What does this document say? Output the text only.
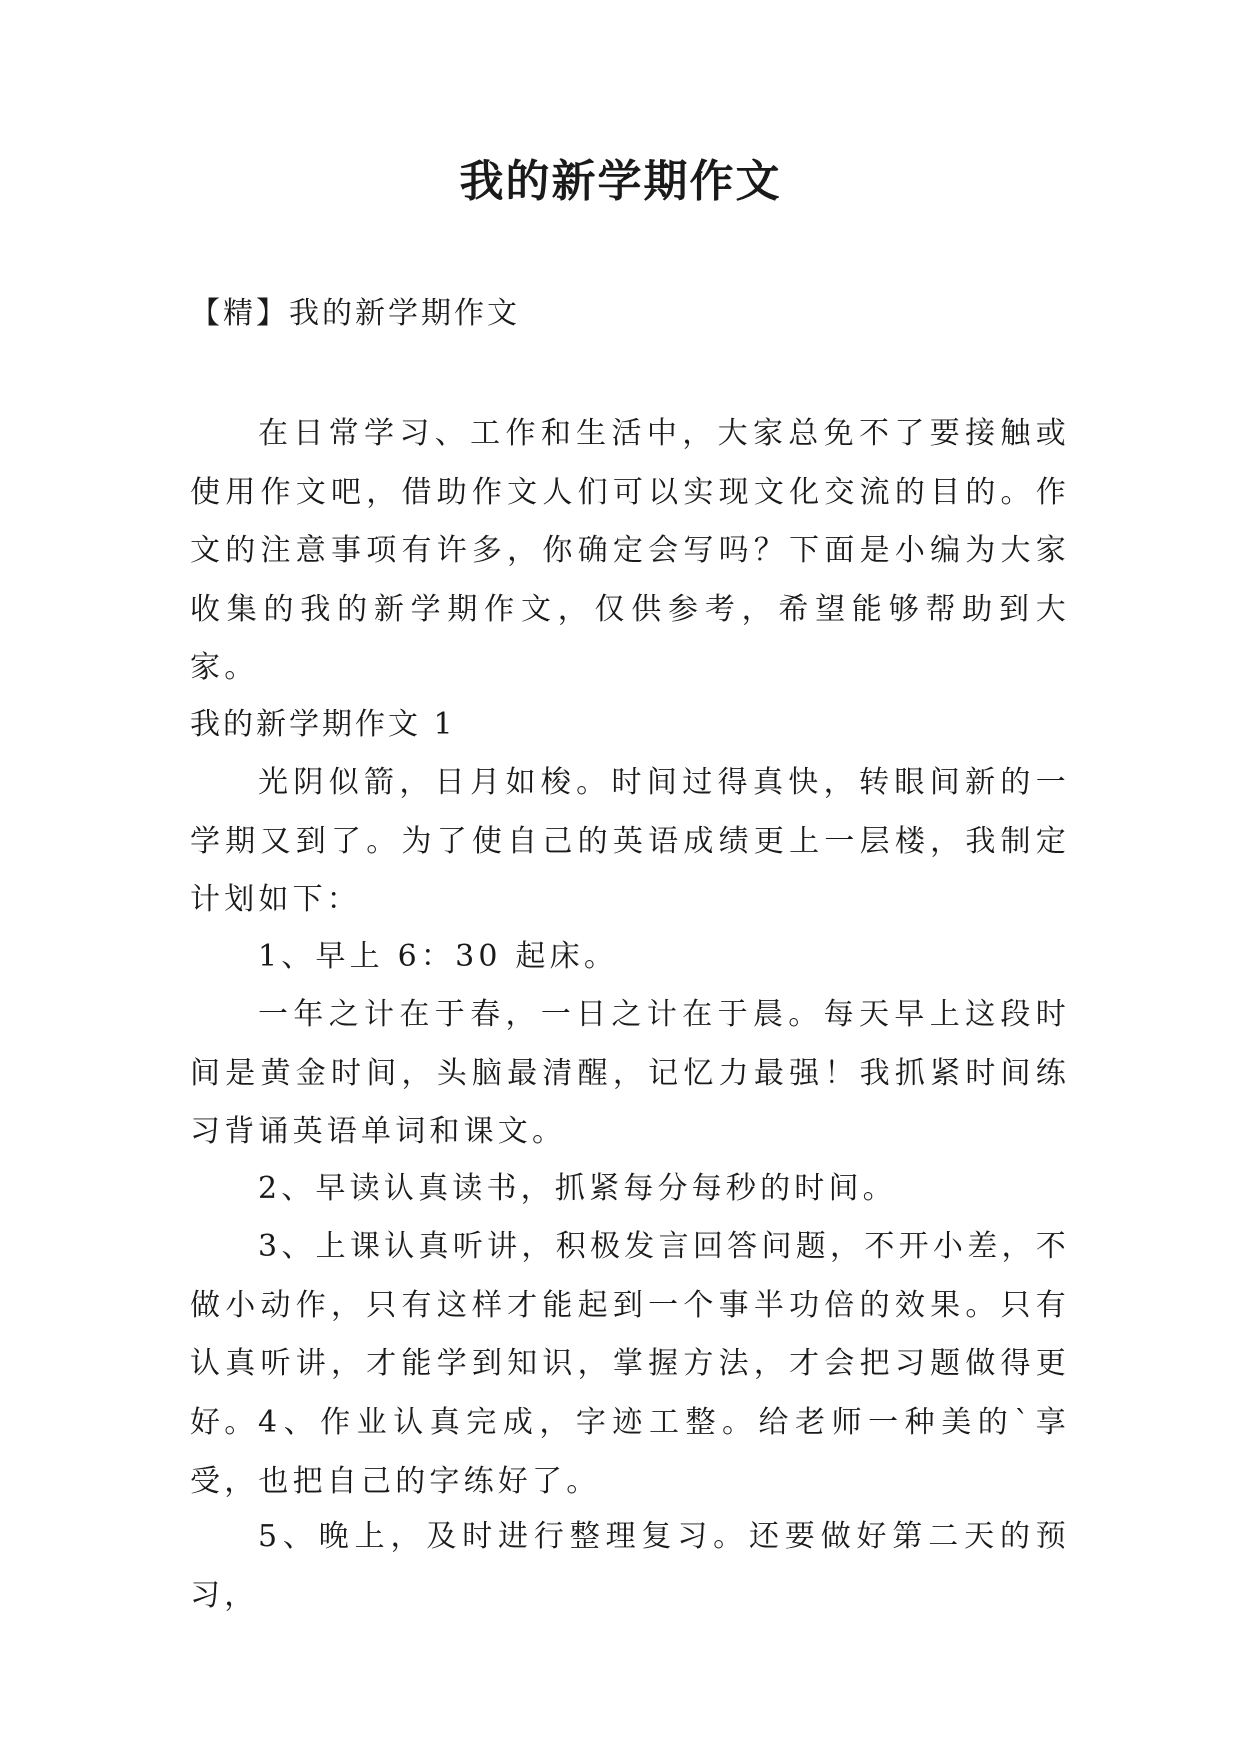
我的新学期作文

【精】我的新学期作文

在日常学习、工作和生活中，大家总免不了要接触或使用作文吧，借助作文人们可以实现文化交流的目的。作文的注意事项有许多，你确定会写吗？下面是小编为大家收集的我的新学期作文，仅供参考，希望能够帮助到大家。

我的新学期作文 1

光阴似箭，日月如梭。时间过得真快，转眼间新的一学期又到了。为了使自己的英语成绩更上一层楼，我制定计划如下：

1、早上 6：30 起床。

一年之计在于春，一日之计在于晨。每天早上这段时间是黄金时间，头脑最清醒，记忆力最强！我抓紧时间练习背诵英语单词和课文。

2、早读认真读书，抓紧每分每秒的时间。

3、上课认真听讲，积极发言回答问题，不开小差，不做小动作，只有这样才能起到一个事半功倍的效果。只有认真听讲，才能学到知识，掌握方法，才会把习题做得更好。 4、作业认真完成，字迹工整。给老师一种美的`享受，也把自己的字练好了。

5、晚上，及时进行整理复习。还要做好第二天的预习，
